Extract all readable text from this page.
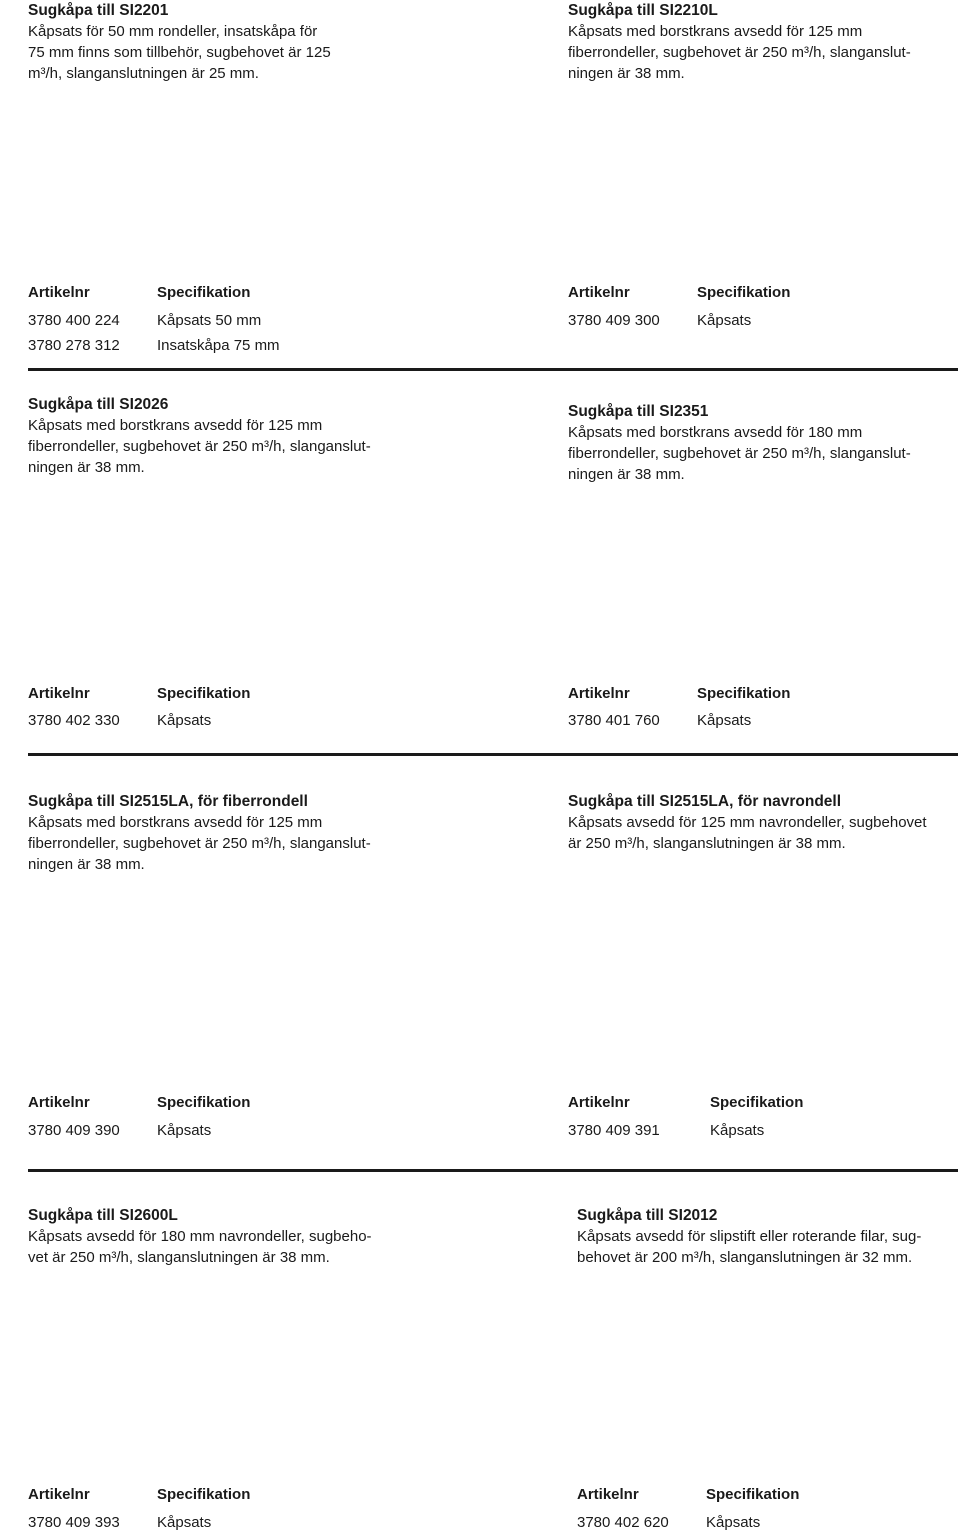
Sugkåpa till SI2201
Kåpsats för 50 mm rondeller, insatskåpa för
75 mm finns som tillbehör, sugbehovet är 125
m³/h, slanganslutningen är 25 mm.
Sugkåpa till SI2210L
Kåpsats med borstkrans avsedd för 125 mm
fiberrondeller, sugbehovet är 250 m³/h, slanganslut-
ningen är 38 mm.
Artikelnr	Specifikation
3780 400 224 Kåpsats 50 mm
3780 278 312 Insatskåpa 75 mm
Artikelnr	Specifikation
3780 409 300 Kåpsats
Sugkåpa till SI2026
Kåpsats med borstkrans avsedd för 125 mm
fiberrondeller, sugbehovet är 250 m³/h, slanganslut-
ningen är 38 mm.
Sugkåpa till SI2351
Kåpsats med borstkrans avsedd för 180 mm
fiberrondeller, sugbehovet är 250 m³/h, slanganslut-
ningen är 38 mm.
Artikelnr	Specifikation
3780 402 330 Kåpsats
Artikelnr	Specifikation
3780 401 760 Kåpsats
Sugkåpa till SI2515LA, för fiberrondell
Kåpsats med borstkrans avsedd för 125 mm
fiberrondeller, sugbehovet är 250 m³/h, slanganslut-
ningen är 38 mm.
Sugkåpa till SI2515LA, för navrondell
Kåpsats avsedd för 125 mm navrondeller, sugbehovet
är 250 m³/h, slanganslutningen är 38 mm.
Artikelnr	Specifikation
3780 409 390 Kåpsats
Artikelnr	Specifikation
3780 409 391	Kåpsats
Sugkåpa till SI2600L
Kåpsats avsedd för 180 mm navrondeller, sugbeho-
vet är 250 m³/h, slanganslutningen är 38 mm.
Sugkåpa till SI2012
Kåpsats avsedd för slipstift eller roterande filar, sug-
behovet är 200 m³/h, slanganslutningen är 32 mm.
Artikelnr	Specifikation
3780 409 393 Kåpsats
Artikelnr	Specifikation
3780 402 620 Kåpsats
